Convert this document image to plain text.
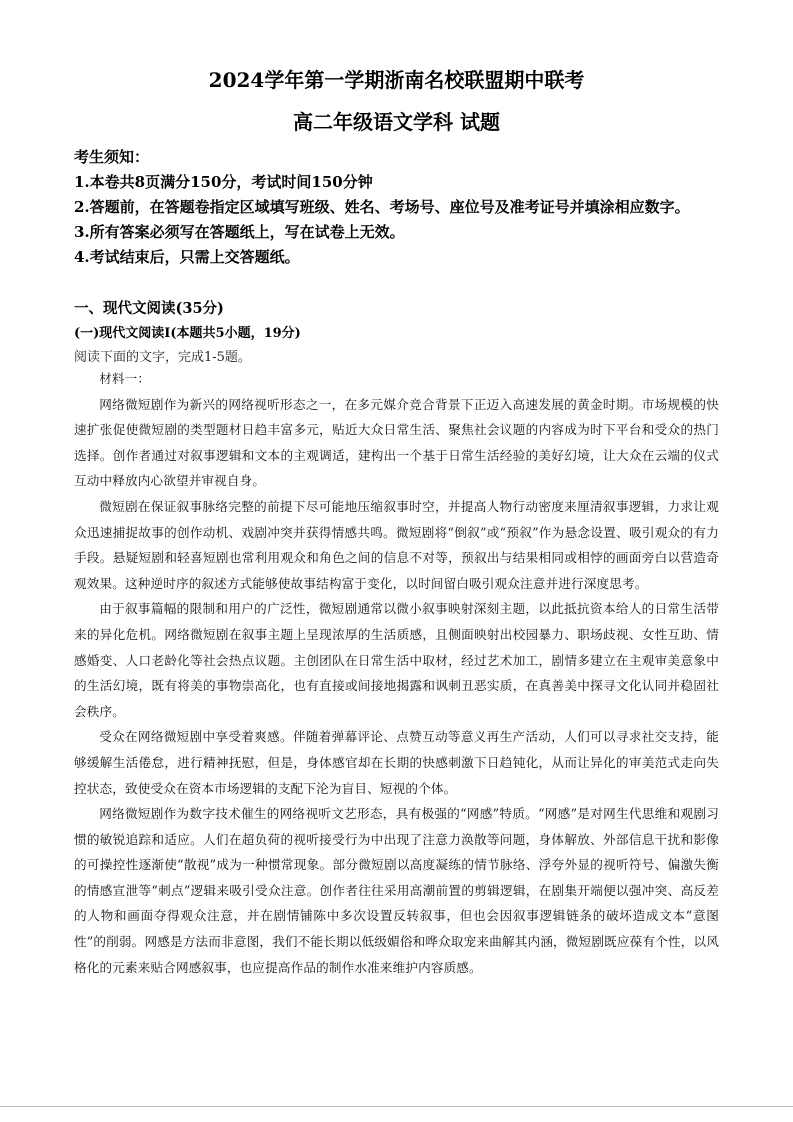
2024学年第一学期浙南名校联盟期中联考
高二年级语文学科 试题

考生须知：

1.本卷共8页满分150分，考试时间150分钟

2.答题前，在答题卷指定区域填写班级、姓名、考场号、座位号及准考证号并填涂相应数字。

3.所有答案必须写在答题纸上，写在试卷上无效。

4.考试结束后，只需上交答题纸。

一、现代文阅读(35分)
(一)现代文阅读Ⅰ(本题共5小题，19分)
阅读下面的文字，完成1-5题。

材料一：

网络微短剧作为新兴的网络视听形态之一，在多元媒介竞合背景下正迈入高速发展的黄金时期。市场规模的快速扩张促使微短剧的类型题材日趋丰富多元，贴近大众日常生活、聚焦社会议题的内容成为时下平台和受众的热门选择。创作者通过对叙事逻辑和文本的主观调适，建构出一个基于日常生活经验的美好幻境，让大众在云端的仪式互动中释放内心欲望并审视自身。

微短剧在保证叙事脉络完整的前提下尽可能地压缩叙事时空，并提高人物行动密度来厘清叙事逻辑，力求让观众迅速捕捉故事的创作动机、戏剧冲突并获得情感共鸣。微短剧将“倒叙”或“预叙”作为悬念设置、吸引观众的有力手段。悬疑短剧和轻喜短剧也常利用观众和角色之间的信息不对等，预叙出与结果相同或相悖的画面旁白以营造奇观效果。这种逆时序的叙述方式能够使故事结构富于变化，以时间留白吸引观众注意并进行深度思考。

由于叙事篇幅的限制和用户的广泛性，微短剧通常以微小叙事映射深刻主题，以此抵抗资本给人的日常生活带来的异化危机。网络微短剧在叙事主题上呈现浓厚的生活质感，且侧面映射出校园暴力、职场歧视、女性互助、情感婚变、人口老龄化等社会热点议题。主创团队在日常生活中取材，经过艺术加工，剧情多建立在主观审美意象中的生活幻境，既有将美的事物崇高化，也有直接或间接地揭露和讽刺丑恶实质，在真善美中探寻文化认同并稳固社会秩序。

受众在网络微短剧中享受着爽感。伴随着弹幕评论、点赞互动等意义再生产活动，人们可以寻求社交支持，能够缓解生活倦怠，进行精神抚慰，但是，身体感官却在长期的快感刺激下日趋钝化，从而让异化的审美范式走向失控状态，致使受众在资本市场逻辑的支配下沦为盲目、短视的个体。

网络微短剧作为数字技术催生的网络视听文艺形态，具有极强的“网感”特质。“网感”是对网生代思维和观剧习惯的敏锐追踪和适应。人们在超负荷的视听接受行为中出现了注意力涣散等问题，身体解放、外部信息干扰和影像的可操控性逐渐使“散视”成为一种惯常现象。部分微短剧以高度凝练的情节脉络、浮夸外显的视听符号、偏激失衡的情感宣泄等“刺点”逻辑来吸引受众注意。创作者往往采用高潮前置的剪辑逻辑，在剧集开端便以强冲突、高反差的人物和画面夺得观众注意，并在剧情铺陈中多次设置反转叙事，但也会因叙事逻辑链条的破坏造成文本“意图性”的削弱。网感是方法而非意图，我们不能长期以低级媚俗和哗众取宠来曲解其内涵，微短剧既应葆有个性，以风格化的元素来贴合网感叙事，也应提高作品的制作水准来维护内容质感。
